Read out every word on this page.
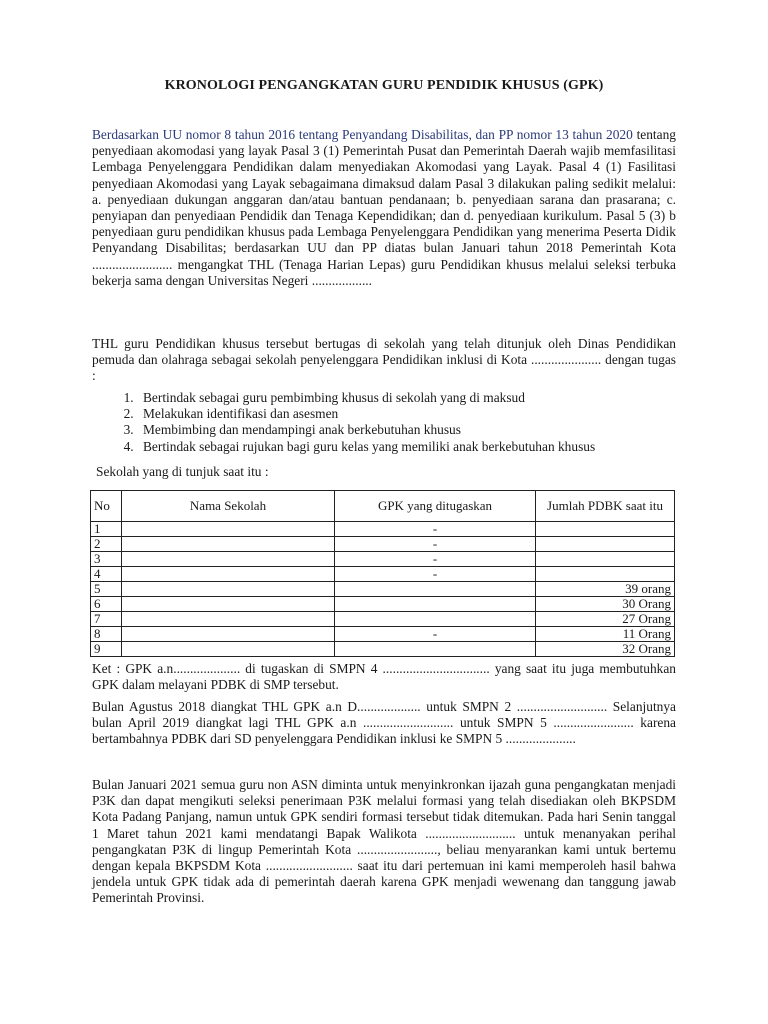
KRONOLOGI PENGANGKATAN GURU PENDIDIK KHUSUS (GPK)
Berdasarkan UU nomor 8 tahun 2016 tentang Penyandang Disabilitas, dan PP nomor 13 tahun 2020 tentang penyediaan akomodasi yang layak Pasal 3 (1) Pemerintah Pusat dan Pemerintah Daerah wajib memfasilitasi Lembaga Penyelenggara Pendidikan dalam menyediakan Akomodasi yang Layak. Pasal 4 (1) Fasilitasi penyediaan Akomodasi yang Layak sebagaimana dimaksud dalam Pasal 3 dilakukan paling sedikit melalui: a. penyediaan dukungan anggaran dan/atau bantuan pendanaan; b. penyediaan sarana dan prasarana; c. penyiapan dan penyediaan Pendidik dan Tenaga Kependidikan; dan d. penyediaan kurikulum. Pasal 5 (3) b penyediaan guru pendidikan khusus pada Lembaga Penyelenggara Pendidikan yang menerima Peserta Didik Penyandang Disabilitas; berdasarkan UU dan PP diatas bulan Januari tahun 2018 Pemerintah Kota ........................ mengangkat THL (Tenaga Harian Lepas) guru Pendidikan khusus melalui seleksi terbuka bekerja sama dengan Universitas Negeri ..................
THL guru Pendidikan khusus tersebut bertugas di sekolah yang telah ditunjuk oleh Dinas Pendidikan pemuda dan olahraga sebagai sekolah penyelenggara Pendidikan inklusi di Kota ..................... dengan tugas :
1. Bertindak sebagai guru pembimbing khusus di sekolah yang di maksud
2. Melakukan identifikasi dan asesmen
3. Membimbing dan mendampingi anak berkebutuhan khusus
4. Bertindak sebagai rujukan bagi guru kelas yang memiliki anak berkebutuhan khusus
Sekolah yang di tunjuk saat itu :
No	Nama Sekolah	GPK yang ditugaskan	Jumlah PDBK saat itu
1		-	
2		-	
3		-	
4		-	
5			39 orang
6			30 Orang
7			27 Orang
8		-	11 Orang
9			32 Orang
Ket : GPK a.n.................... di tugaskan di SMPN 4 ................................ yang saat itu juga membutuhkan GPK dalam melayani PDBK di SMP tersebut.
Bulan Agustus 2018 diangkat THL GPK a.n D................... untuk SMPN 2 ........................... Selanjutnya bulan April 2019 diangkat lagi THL GPK a.n ........................... untuk SMPN 5 ........................ karena bertambahnya PDBK dari SD penyelenggara Pendidikan inklusi ke SMPN 5 .....................
Bulan Januari 2021 semua guru non ASN diminta untuk menyinkronkan ijazah guna pengangkatan menjadi P3K dan dapat mengikuti seleksi penerimaan P3K melalui formasi yang telah disediakan oleh BKPSDM Kota Padang Panjang, namun untuk GPK sendiri formasi tersebut tidak ditemukan. Pada hari Senin tanggal 1 Maret tahun 2021 kami mendatangi Bapak Walikota ........................... untuk menanyakan perihal pengangkatan P3K di lingup Pemerintah Kota ........................, beliau menyarankan kami untuk bertemu dengan kepala BKPSDM Kota .......................... saat itu dari pertemuan ini kami memperoleh hasil bahwa jendela untuk GPK tidak ada di pemerintah daerah karena GPK menjadi wewenang dan tanggung jawab Pemerintah Provinsi.
